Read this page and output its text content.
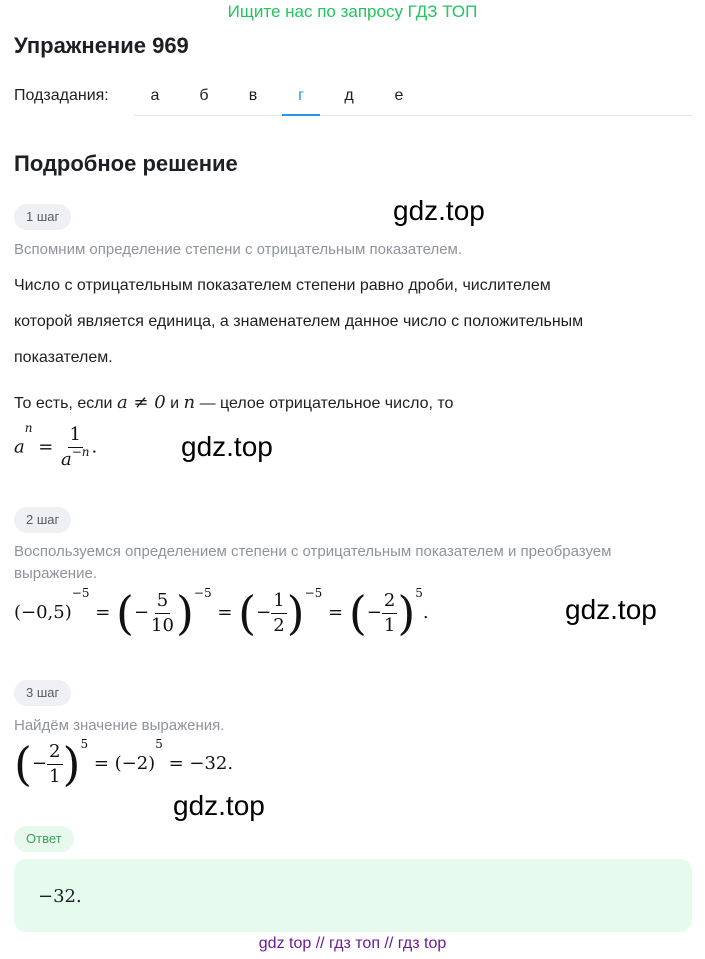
Ищите нас по запросу ГДЗ ТОП
Упражнение 969
Подзадания:	а	б	в	г	д	е
Подробное решение
1 шаг	gdz.top
Вспомним определение степени с отрицательным показателем.
Число с отрицательным показателем степени равно дроби, числителем
которой является единица, а знаменателем данное число с положительным
показателем.
То есть, если a ≠ 0 и n — целое отрицательное число, то
$a^n = \frac{1}{a^{-n}}$ .	gdz.top
2 шаг
Воспользуемся определением степени с отрицательным показателем и преобразуем выражение.
$(-0,5)^{-5}$ = (− $\frac{5}{10} )^{-5}$ = (− $\frac{1}{2} )^{-5}$ = (− $\frac{2}{1} )^5$.	gdz.top
3 шаг
Найдём значение выражения.
(− $\frac{2}{1} )^5 = (-2)^5 = -32$.
gdz.top
Ответ
−32.
gdz top // гдз топ // гдз top
